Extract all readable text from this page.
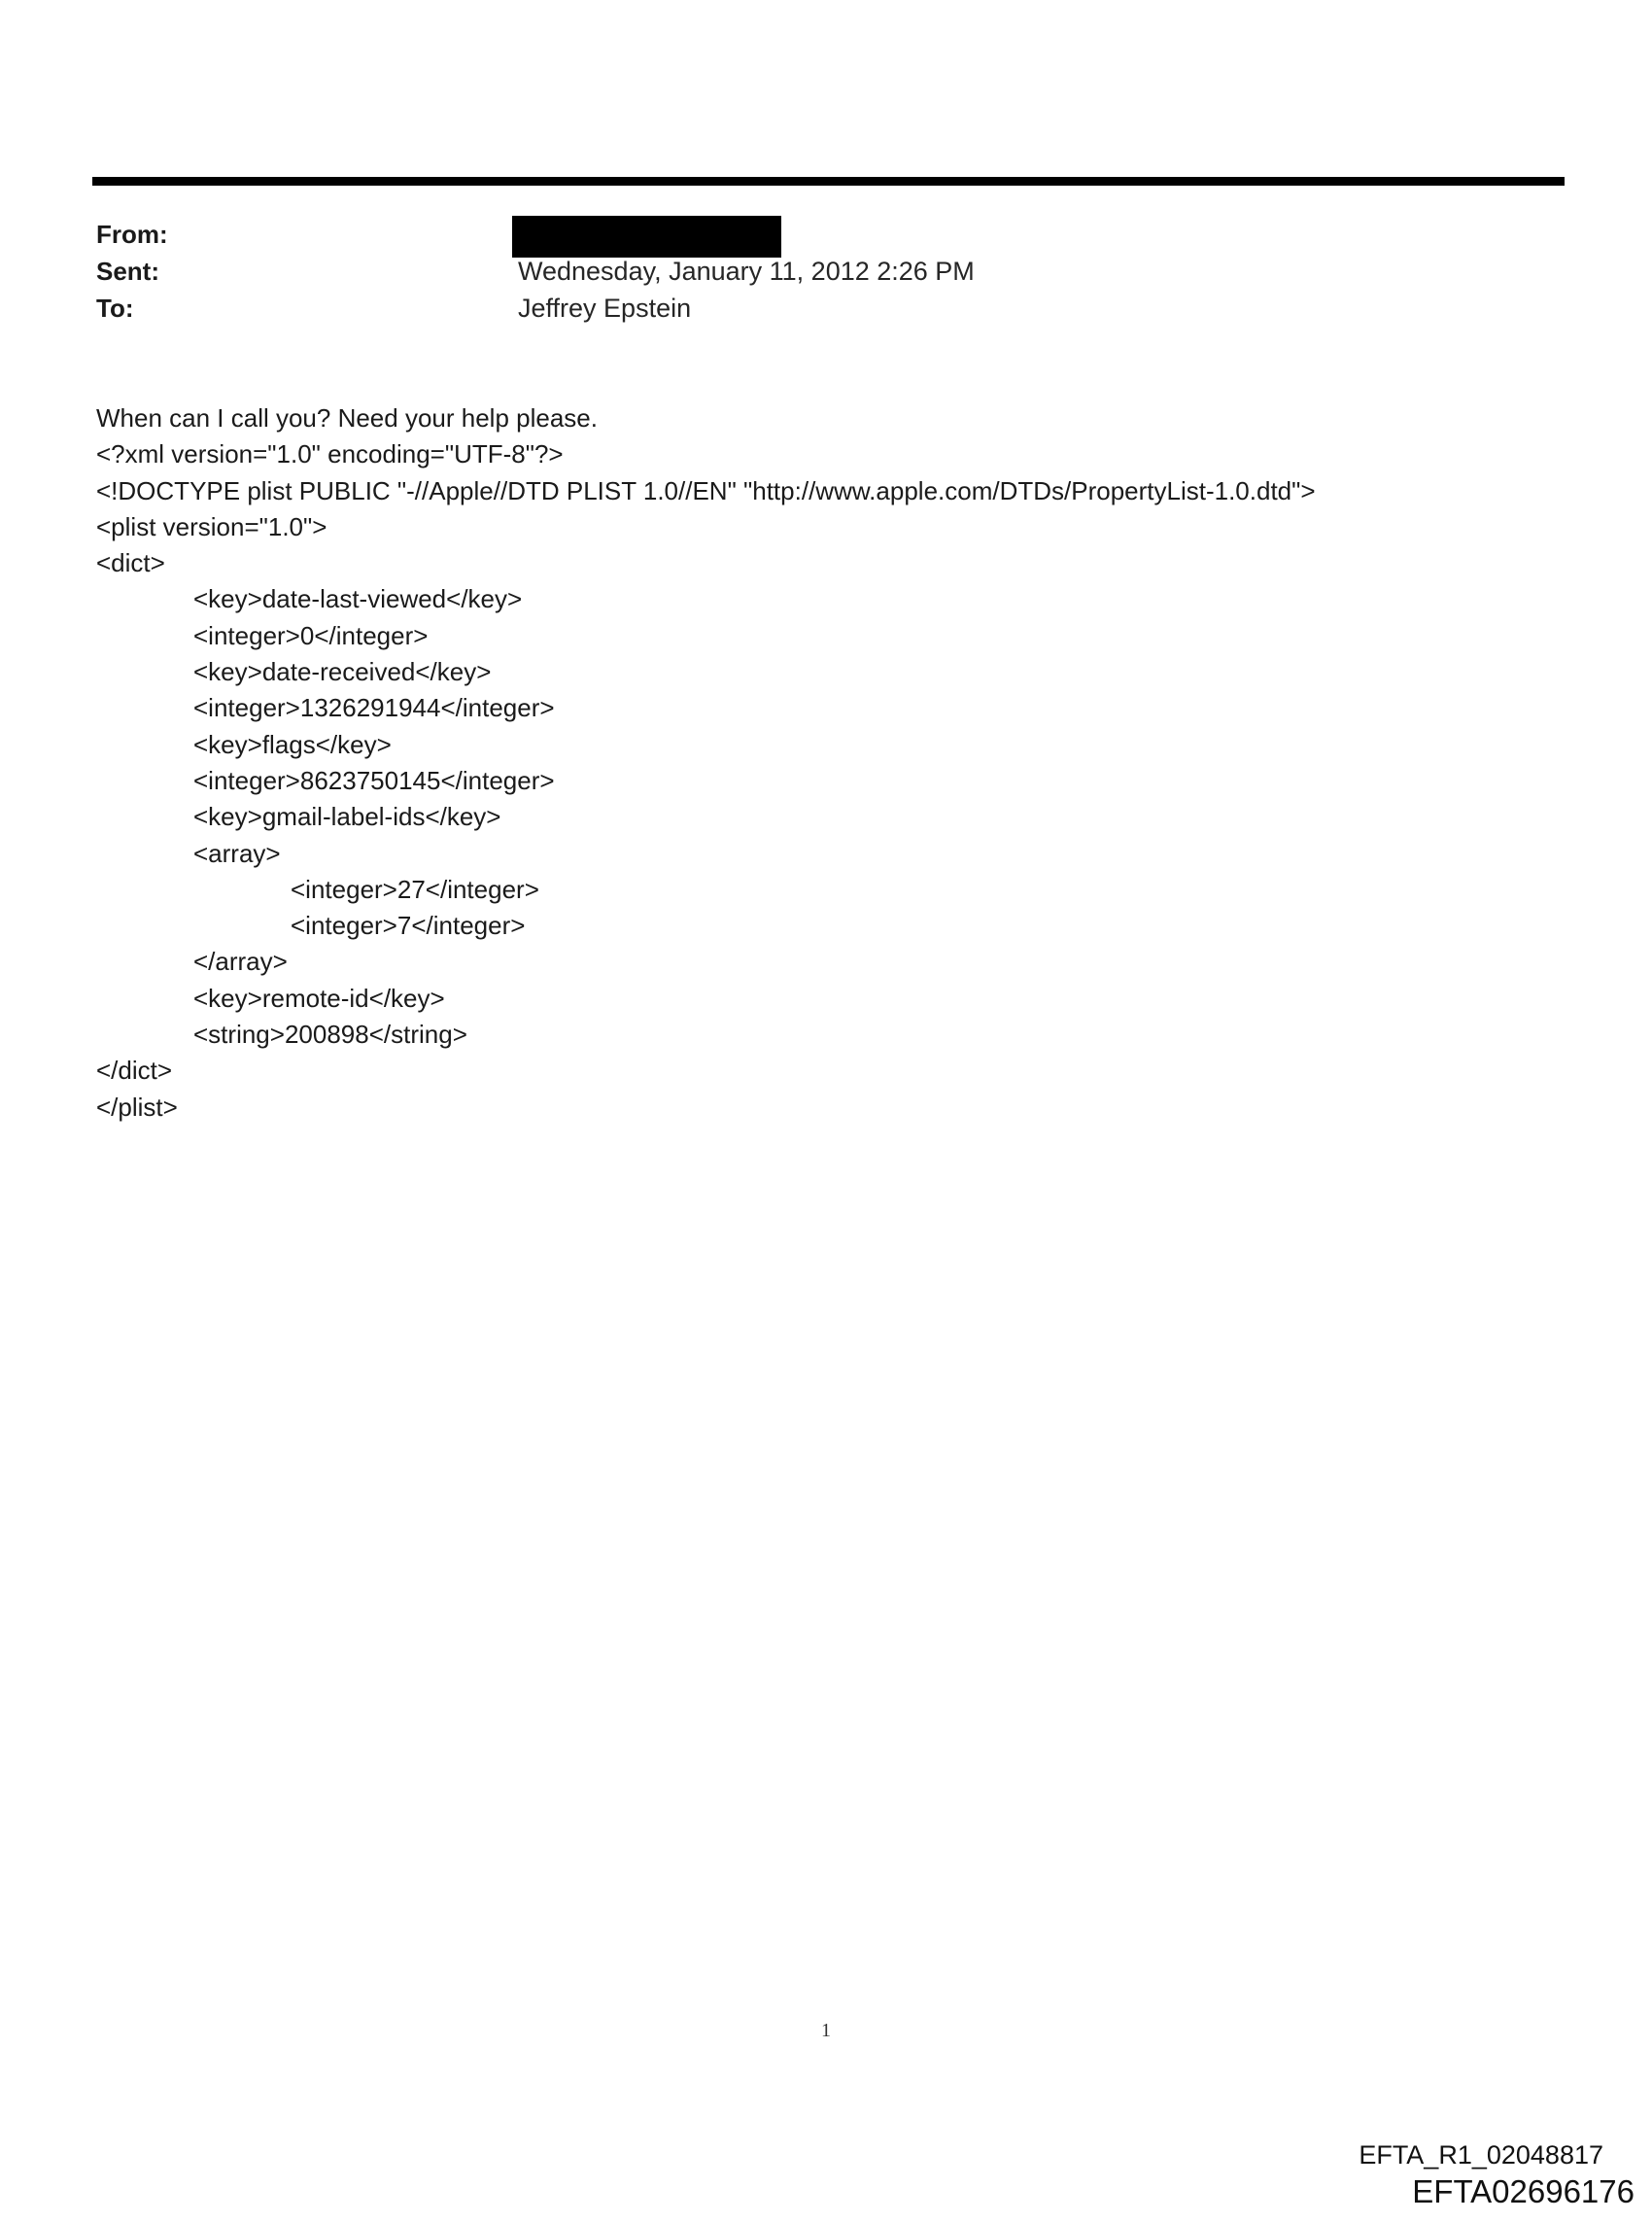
From:
Sent:	Wednesday, January 11, 2012 2:26 PM
To:	Jeffrey Epstein
When can I call you? Need your help please.
<?xml version="1.0" encoding="UTF-8"?>
<!DOCTYPE plist PUBLIC "-//Apple//DTD PLIST 1.0//EN" "http://www.apple.com/DTDs/PropertyList-1.0.dtd">
<plist version="1.0">
<dict>
<key>date-last-viewed</key>
<integer>0</integer>
<key>date-received</key>
<integer>1326291944</integer>
<key>flags</key>
<integer>8623750145</integer>
<key>gmail-label-ids</key>
<array>
<integer>27</integer>
<integer>7</integer>
</array>
<key>remote-id</key>
<string>200898</string>
</dict>
</plist>
1
EFTA_R1_02048817
EFTA02696176
